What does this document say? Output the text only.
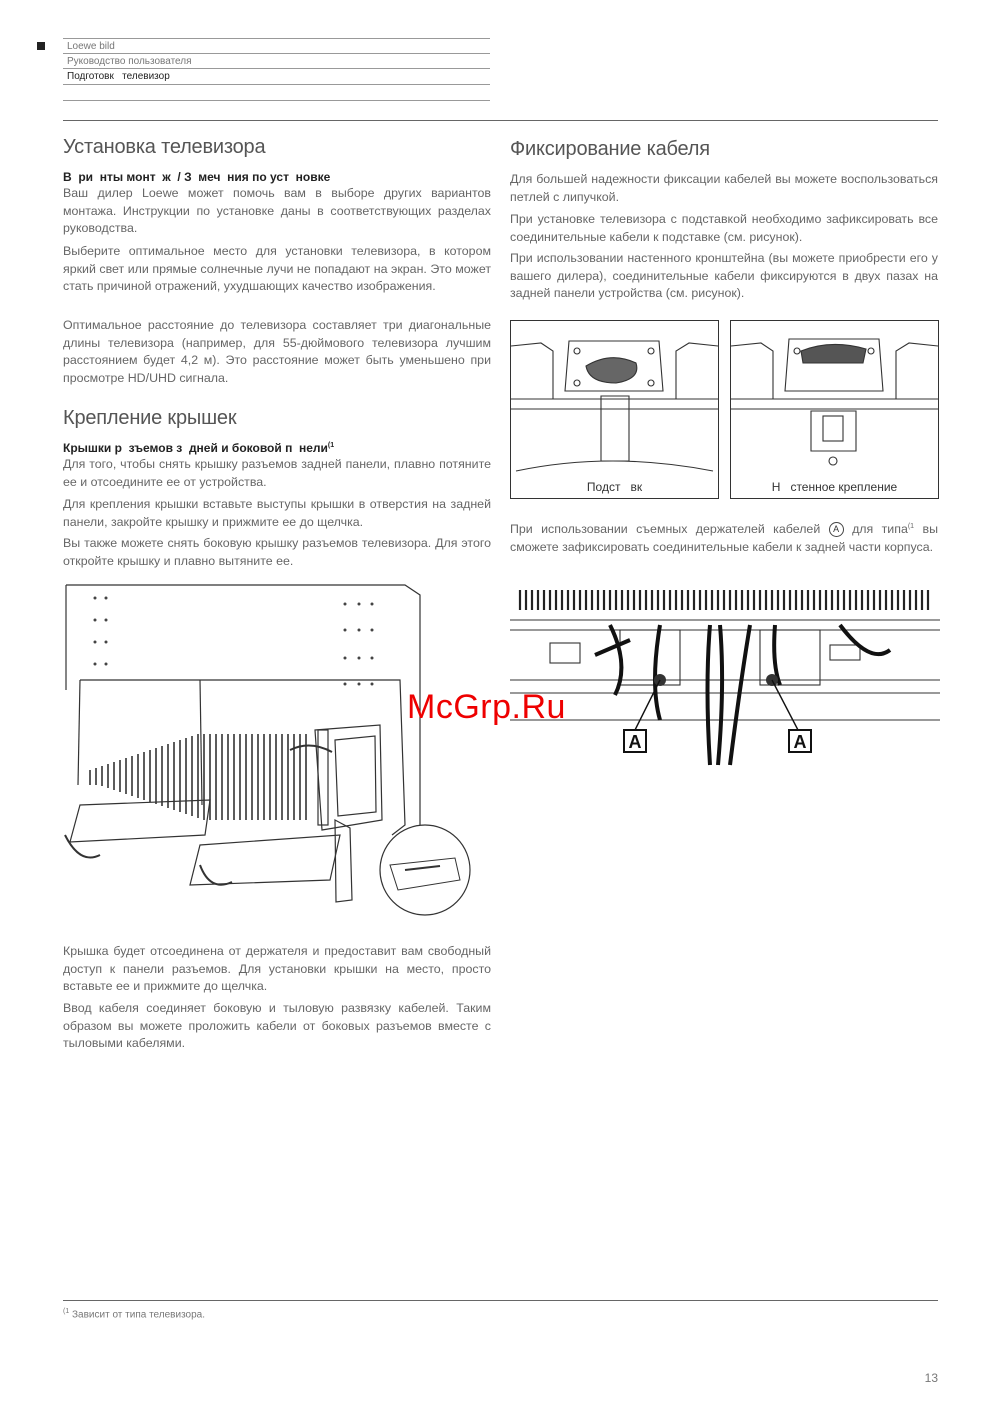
Loewe bild
Руководство пользователя
Подготовк   телевизор
Установка телевизора
В  ри  нты монт  ж  / З  меч  ния по уст  новке

Ваш дилер Loewe может помочь вам в выборе других вариантов монтажа. Инструкции по установке даны в соответствующих разделах руководства.

Выберите оптимальное место для установки телевизора, в котором яркий свет или прямые солнечные лучи не попадают на экран. Это может стать причиной отражений, ухудшающих качество изображения.

Оптимальное расстояние до телевизора составляет три диагональные длины телевизора (например, для 55-дюймового телевизора лучшим расстоянием будет 4,2 м). Это расстояние может быть уменьшено при просмотре HD/UHD сигнала.

Крепление крышек
Крышки р  зъемов з  дней и боковой п  нели$^{(1}$

Для того, чтобы снять крышку разъемов задней панели, плавно потяните ее и отсоедините ее от устройства.

Для крепления крышки вставьте выступы крышки в отверстия на задней панели, закройте крышку и прижмите ее до щелчка.

Вы также можете снять боковую крышку разъемов телевизора. Для этого откройте крышку и плавно вытяните ее.

Крышка будет отсоединена от держателя и предоставит вам свободный доступ к панели разъемов. Для установки крышки на место, просто вставьте ее и прижмите до щелчка.

Ввод кабеля соединяет боковую и тыловую развязку кабелей. Таким образом вы можете проложить кабели от боковых разъемов вместе с тыловыми кабелями.

Фиксирование кабеля

Для большей надежности фиксации кабелей вы можете воспользоваться петлей с липучкой.

При установке телевизора с подставкой необходимо зафиксировать все соединительные кабели к подставке (см. рисунок).

При использовании настенного кронштейна (вы можете приобрести его у вашего дилера), соединительные кабели фиксируются в двух пазах на задней панели устройства (см. рисунок).

Подст   вк	Н   стенное крепление

При использовании съемных держателей кабелей A для типа$^{(1}$ вы сможете зафиксировать соединительные кабели к задней части корпуса.

A	A
McGrp.Ru
$^{(1}$ Зависит от типа телевизора.
13
